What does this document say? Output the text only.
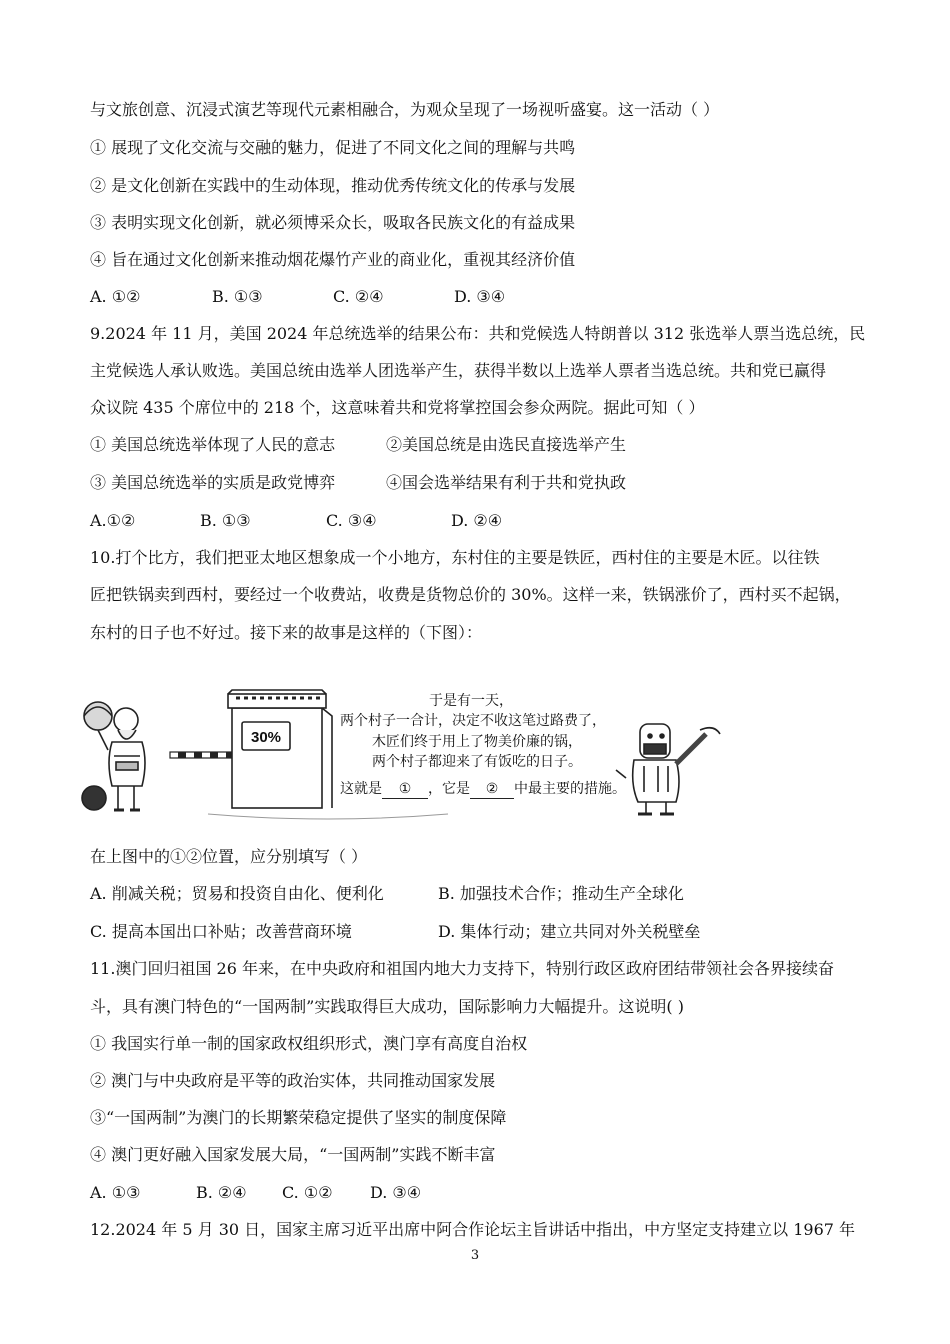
与文旅创意、沉浸式演艺等现代元素相融合，为观众呈现了一场视听盛宴。这一活动（ ）
① 展现了文化交流与交融的魅力，促进了不同文化之间的理解与共鸣
② 是文化创新在实践中的生动体现，推动优秀传统文化的传承与发展
③ 表明实现文化创新，就必须博采众长，吸取各民族文化的有益成果
④ 旨在通过文化创新来推动烟花爆竹产业的商业化，重视其经济价值
A. ①②	B. ①③	C. ②④	D. ③④
9.2024 年 11 月，美国 2024 年总统选举的结果公布：共和党候选人特朗普以 312 张选举人票当选总统，民
主党候选人承认败选。美国总统由选举人团选举产生，获得半数以上选举人票者当选总统。共和党已赢得
众议院 435 个席位中的 218 个，这意味着共和党将掌控国会参众两院。据此可知（ ）
① 美国总统选举体现了人民的意志	②美国总统是由选民直接选举产生
③ 美国总统选举的实质是政党博弈	④国会选举结果有利于共和党执政
A.①②	B. ①③	C. ③④	D. ②④
10.打个比方，我们把亚太地区想象成一个小地方，东村住的主要是铁匠，西村住的主要是木匠。以往铁
匠把铁锅卖到西村，要经过一个收费站，收费是货物总价的 30%。这样一来，铁锅涨价了，西村买不起锅，
东村的日子也不好过。接下来的故事是这样的（下图）：
30%
于是有一天，
两个村子一合计，决定不收这笔过路费了，
木匠们终于用上了物美价廉的锅，
两个村子都迎来了有饭吃的日子。
这就是 ① ，它是 ② 中最主要的措施。
在上图中的①②位置，应分别填写（ ）
A. 削减关税；贸易和投资自由化、便利化	B. 加强技术合作；推动生产全球化
C. 提高本国出口补贴；改善营商环境	D. 集体行动；建立共同对外关税壁垒
11.澳门回归祖国 26 年来，在中央政府和祖国内地大力支持下，特别行政区政府团结带领社会各界接续奋
斗，具有澳门特色的“一国两制”实践取得巨大成功，国际影响力大幅提升。这说明( )
① 我国实行单一制的国家政权组织形式，澳门享有高度自治权
② 澳门与中央政府是平等的政治实体，共同推动国家发展
③“一国两制”为澳门的长期繁荣稳定提供了坚实的制度保障
④ 澳门更好融入国家发展大局，“一国两制”实践不断丰富
A. ①③	B. ②④ C. ①② D. ③④
12.2024 年 5 月 30 日，国家主席习近平出席中阿合作论坛主旨讲话中指出，中方坚定支持建立以 1967 年
3
